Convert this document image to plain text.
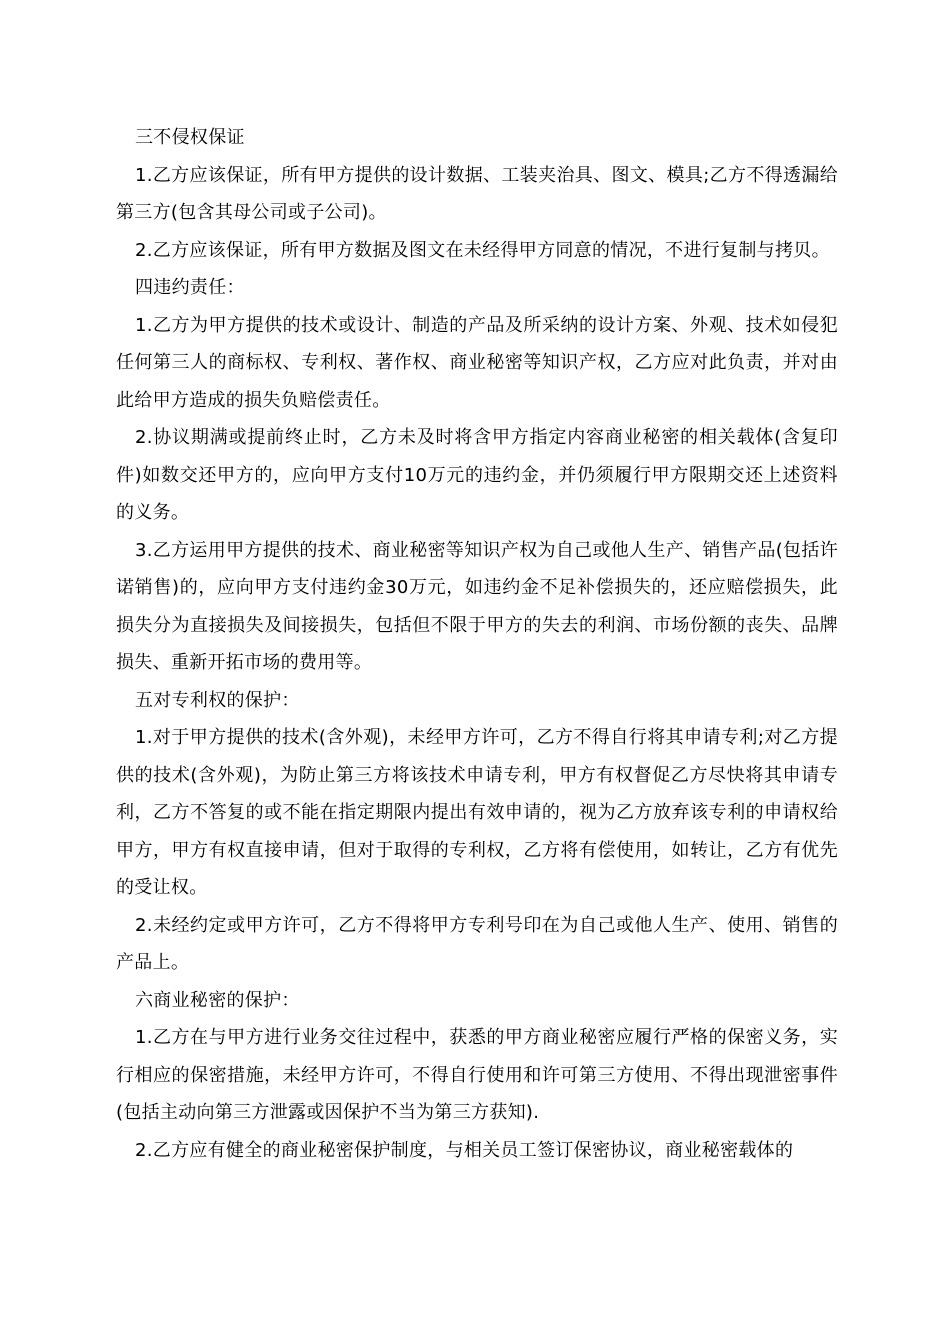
三不侵权保证

1.乙方应该保证，所有甲方提供的设计数据、工装夹治具、图文、模具;乙方不得透漏给第三方(包含其母公司或子公司)。

2.乙方应该保证，所有甲方数据及图文在未经得甲方同意的情况，不进行复制与拷贝。

四违约责任：

1.乙方为甲方提供的技术或设计、制造的产品及所采纳的设计方案、外观、技术如侵犯任何第三人的商标权、专利权、著作权、商业秘密等知识产权，乙方应对此负责，并对由此给甲方造成的损失负赔偿责任。

2.协议期满或提前终止时，乙方未及时将含甲方指定内容商业秘密的相关载体(含复印件)如数交还甲方的，应向甲方支付10万元的违约金，并仍须履行甲方限期交还上述资料的义务。

3.乙方运用甲方提供的技术、商业秘密等知识产权为自己或他人生产、销售产品(包括许诺销售)的，应向甲方支付违约金30万元，如违约金不足补偿损失的，还应赔偿损失，此损失分为直接损失及间接损失，包括但不限于甲方的失去的利润、市场份额的丧失、品牌损失、重新开拓市场的费用等。

五对专利权的保护：

1.对于甲方提供的技术(含外观)，未经甲方许可，乙方不得自行将其申请专利;对乙方提供的技术(含外观)，为防止第三方将该技术申请专利，甲方有权督促乙方尽快将其申请专利，乙方不答复的或不能在指定期限内提出有效申请的，视为乙方放弃该专利的申请权给甲方，甲方有权直接申请，但对于取得的专利权，乙方将有偿使用，如转让，乙方有优先的受让权。

2.未经约定或甲方许可，乙方不得将甲方专利号印在为自己或他人生产、使用、销售的产品上。

六商业秘密的保护：

1.乙方在与甲方进行业务交往过程中，获悉的甲方商业秘密应履行严格的保密义务，实行相应的保密措施，未经甲方许可，不得自行使用和许可第三方使用、不得出现泄密事件(包括主动向第三方泄露或因保护不当为第三方获知).

2.乙方应有健全的商业秘密保护制度，与相关员工签订保密协议，商业秘密载体的
